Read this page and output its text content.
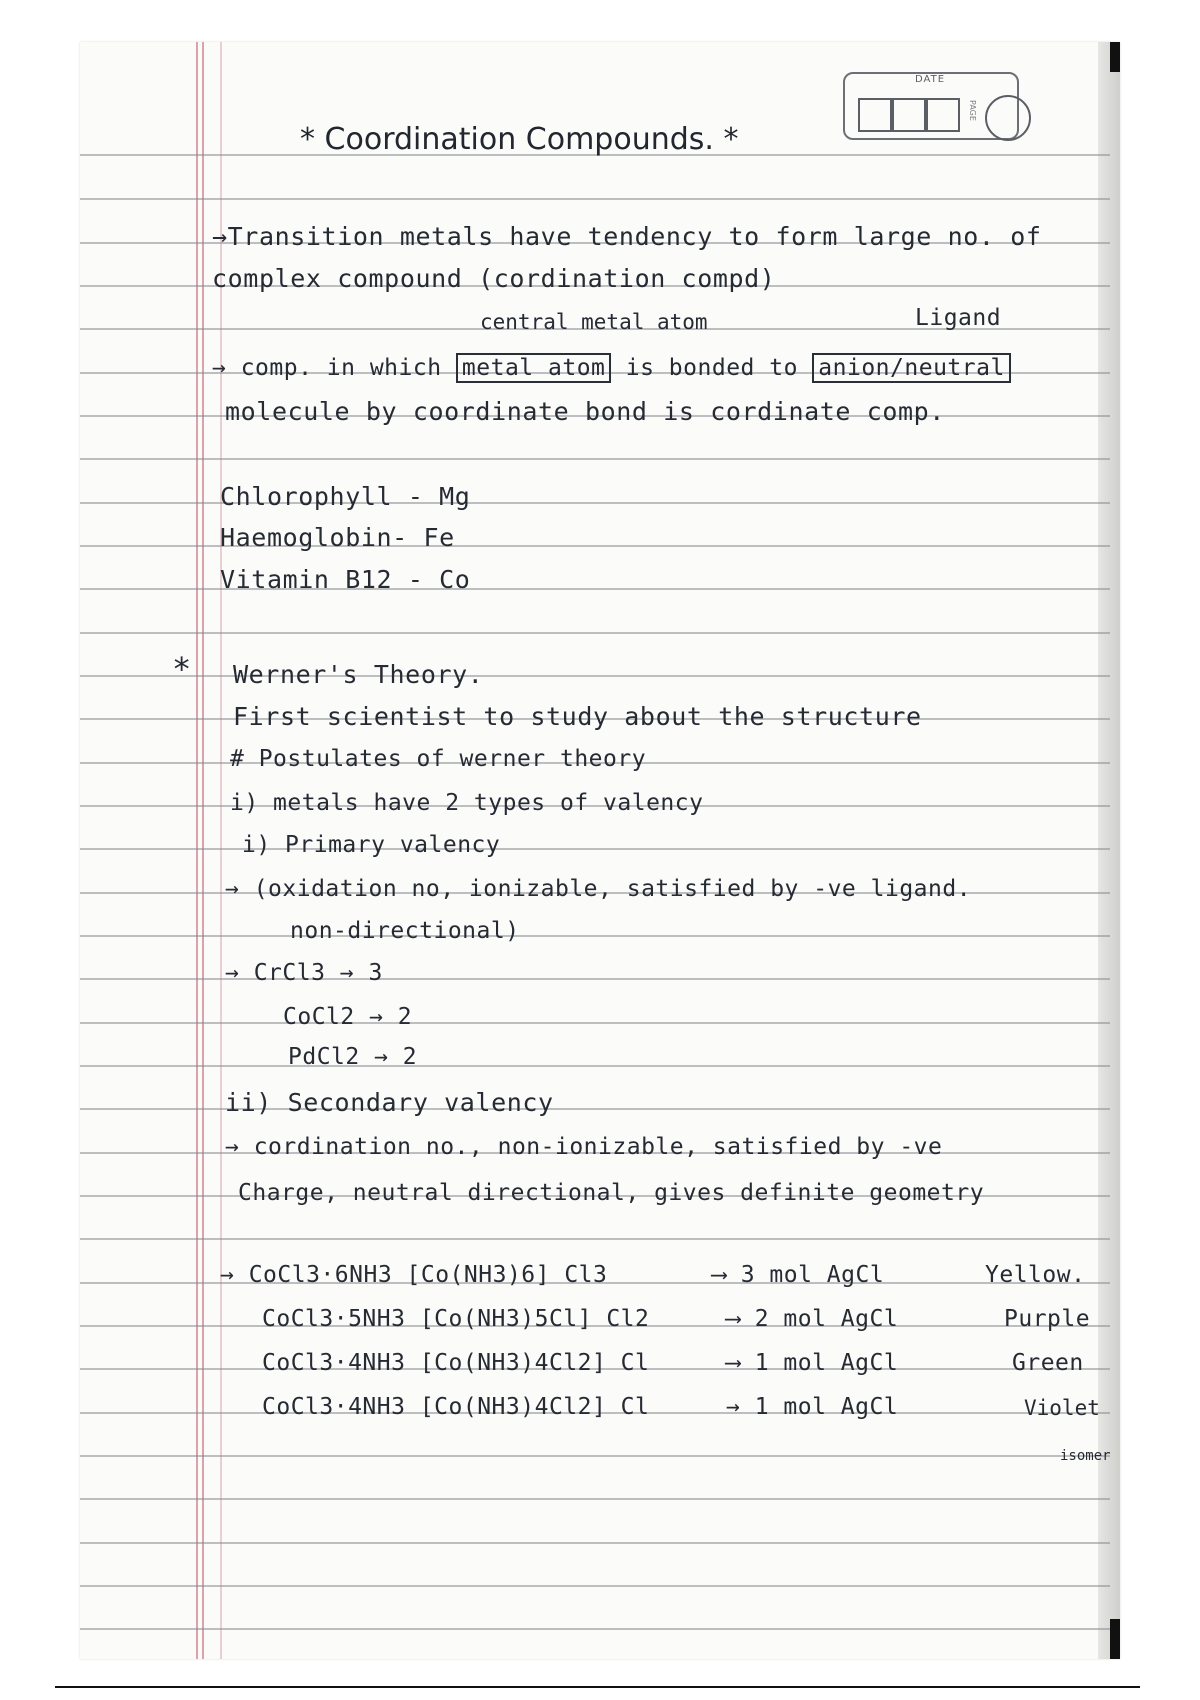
DATE
PAGE
* Coordination Compounds. *
→Transition metals have tendency to form large no. of
complex compound (cordination compd)
central metal atom	Ligand
→ comp. in which metal atom is bonded to anion/neutral
molecule by coordinate bond is cordinate comp.
Chlorophyll - Mg
Haemoglobin- Fe
Vitamin B12 - Co
* Werner's Theory.
First scientist to study about the structure
# Postulates of werner theory
i) metals have 2 types of valency
i) Primary valency
→ (oxidation no, ionizable, satisfied by -ve ligand.
non-directional)
→ CrCl3 → 3
CoCl2 → 2
PdCl2 → 2
ii) Secondary valency
→ cordination no., non-ionizable, satisfied by -ve
Charge, neutral directional, gives definite geometry
→ CoCl3·6NH3 [Co(NH3)6] Cl3	⟶ 3 mol AgCl	Yellow.
CoCl3·5NH3 [Co(NH3)5Cl] Cl2	⟶ 2 mol AgCl	Purple
CoCl3·4NH3 [Co(NH3)4Cl2] Cl	⟶ 1 mol AgCl	Green
CoCl3·4NH3 [Co(NH3)4Cl2] Cl	→ 1 mol AgCl	Violet
isomer
